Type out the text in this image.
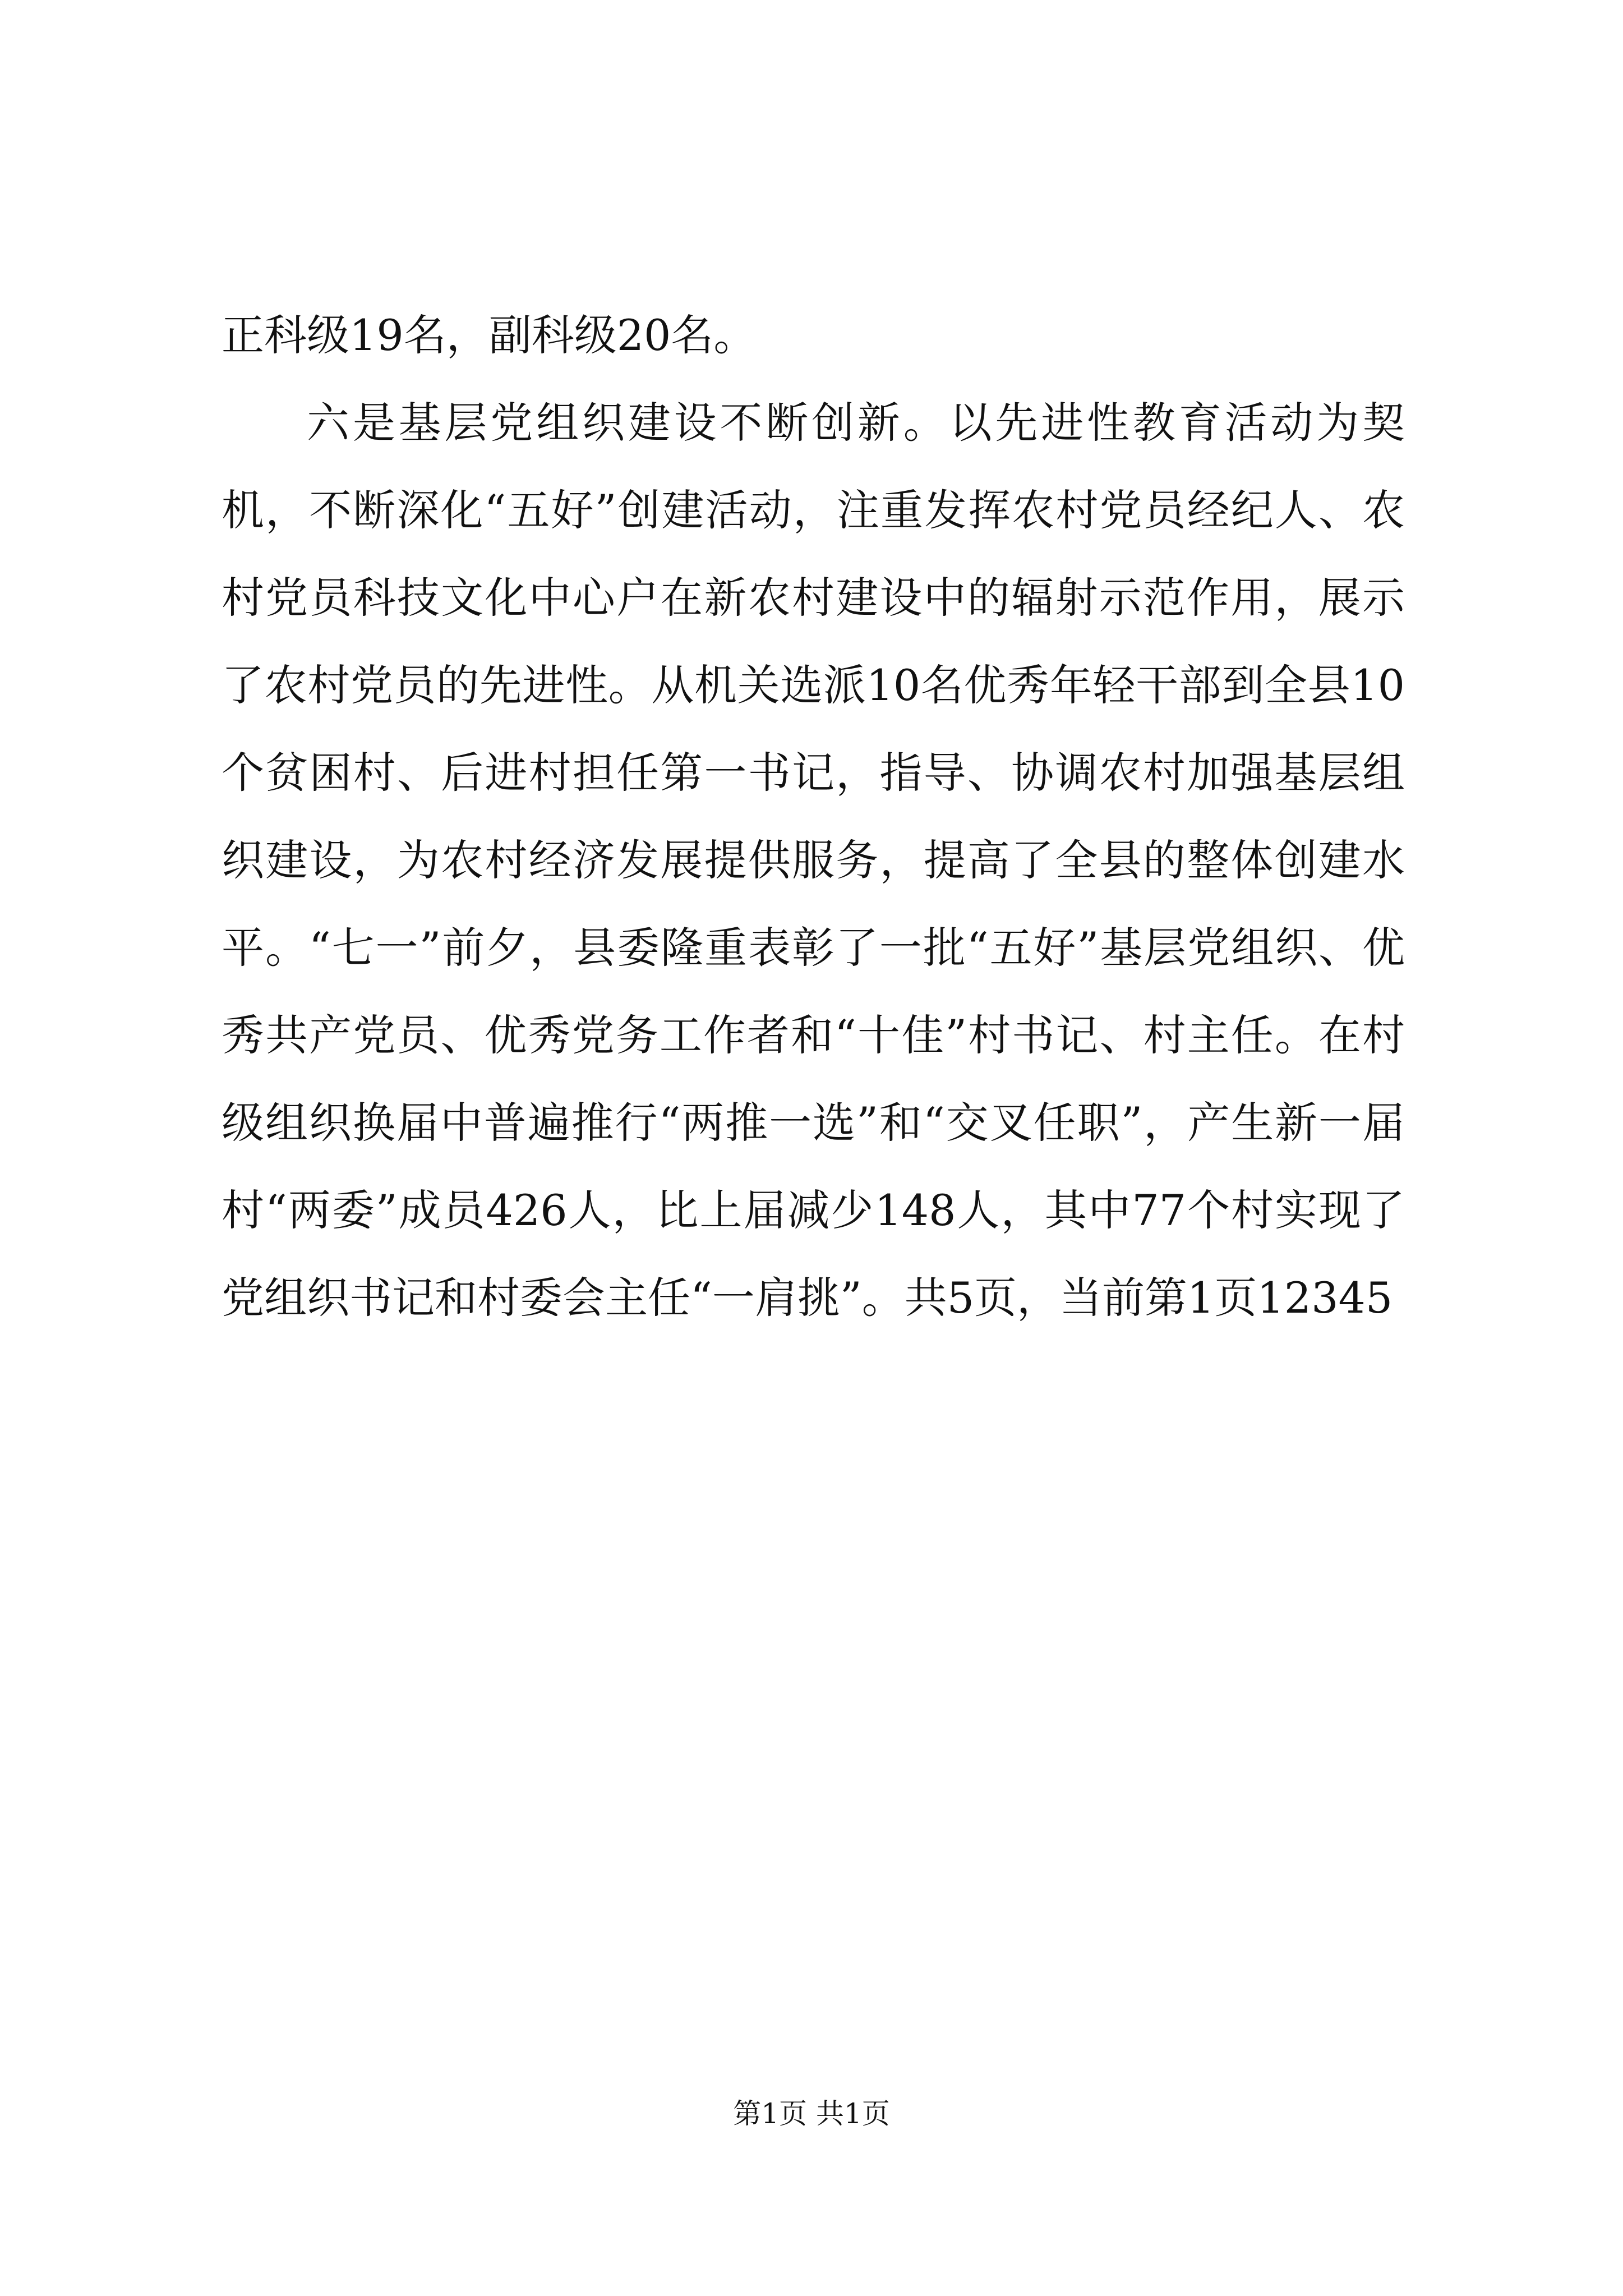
正科级19名，副科级20名。

六是基层党组织建设不断创新。以先进性教育活动为契机，不断深化“五好”创建活动，注重发挥农村党员经纪人、农村党员科技文化中心户在新农村建设中的辐射示范作用，展示了农村党员的先进性。从机关选派10名优秀年轻干部到全县10个贫困村、后进村担任第一书记，指导、协调农村加强基层组织建设，为农村经济发展提供服务，提高了全县的整体创建水平。“七一”前夕，县委隆重表彰了一批“五好”基层党组织、优秀共产党员、优秀党务工作者和“十佳”村书记、村主任。在村级组织换届中普遍推行“两推一选”和“交叉任职”，产生新一届村“两委”成员426人，比上届减少148人，其中77个村实现了党组织书记和村委会主任“一肩挑”。共5页，当前第1页12345

第1页 共1页
